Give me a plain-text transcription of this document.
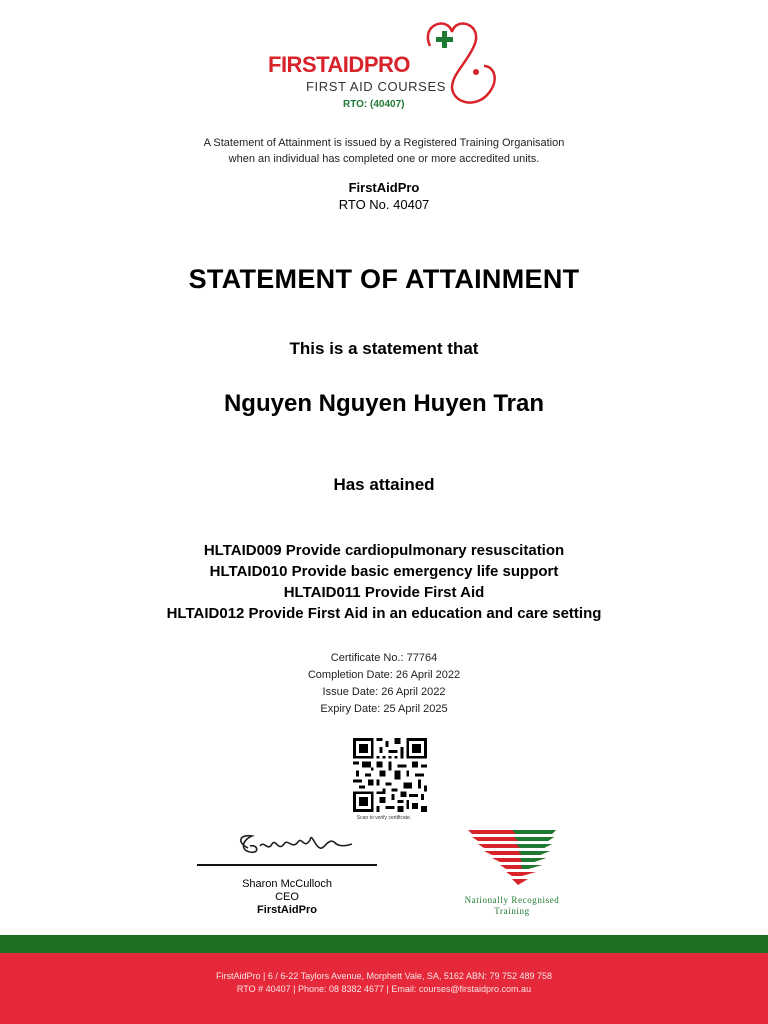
FIRSTAIDPRO
FIRST AID COURSES
RTO: (40407)
A Statement of Attainment is issued by a Registered Training Organisation
when an individual has completed one or more accredited units.
FirstAidPro
RTO No. 40407
STATEMENT OF ATTAINMENT
This is a statement that
Nguyen Nguyen Huyen Tran
Has attained
HLTAID009 Provide cardiopulmonary resuscitation
HLTAID010 Provide basic emergency life support
HLTAID011 Provide First Aid
HLTAID012 Provide First Aid in an education and care setting
Certificate No.: 77764
Completion Date: 26 April 2022
Issue Date: 26 April 2022
Expiry Date: 25 April 2025
Scan to verify certificate.
Sharon McCulloch
CEO
FirstAidPro
Nationally Recognised
Training
FirstAidPro | 6 / 6-22 Taylors Avenue, Morphett Vale, SA, 5162 ABN: 79 752 489 758
RTO # 40407 | Phone: 08 8382 4677 | Email: courses@firstaidpro.com.au
